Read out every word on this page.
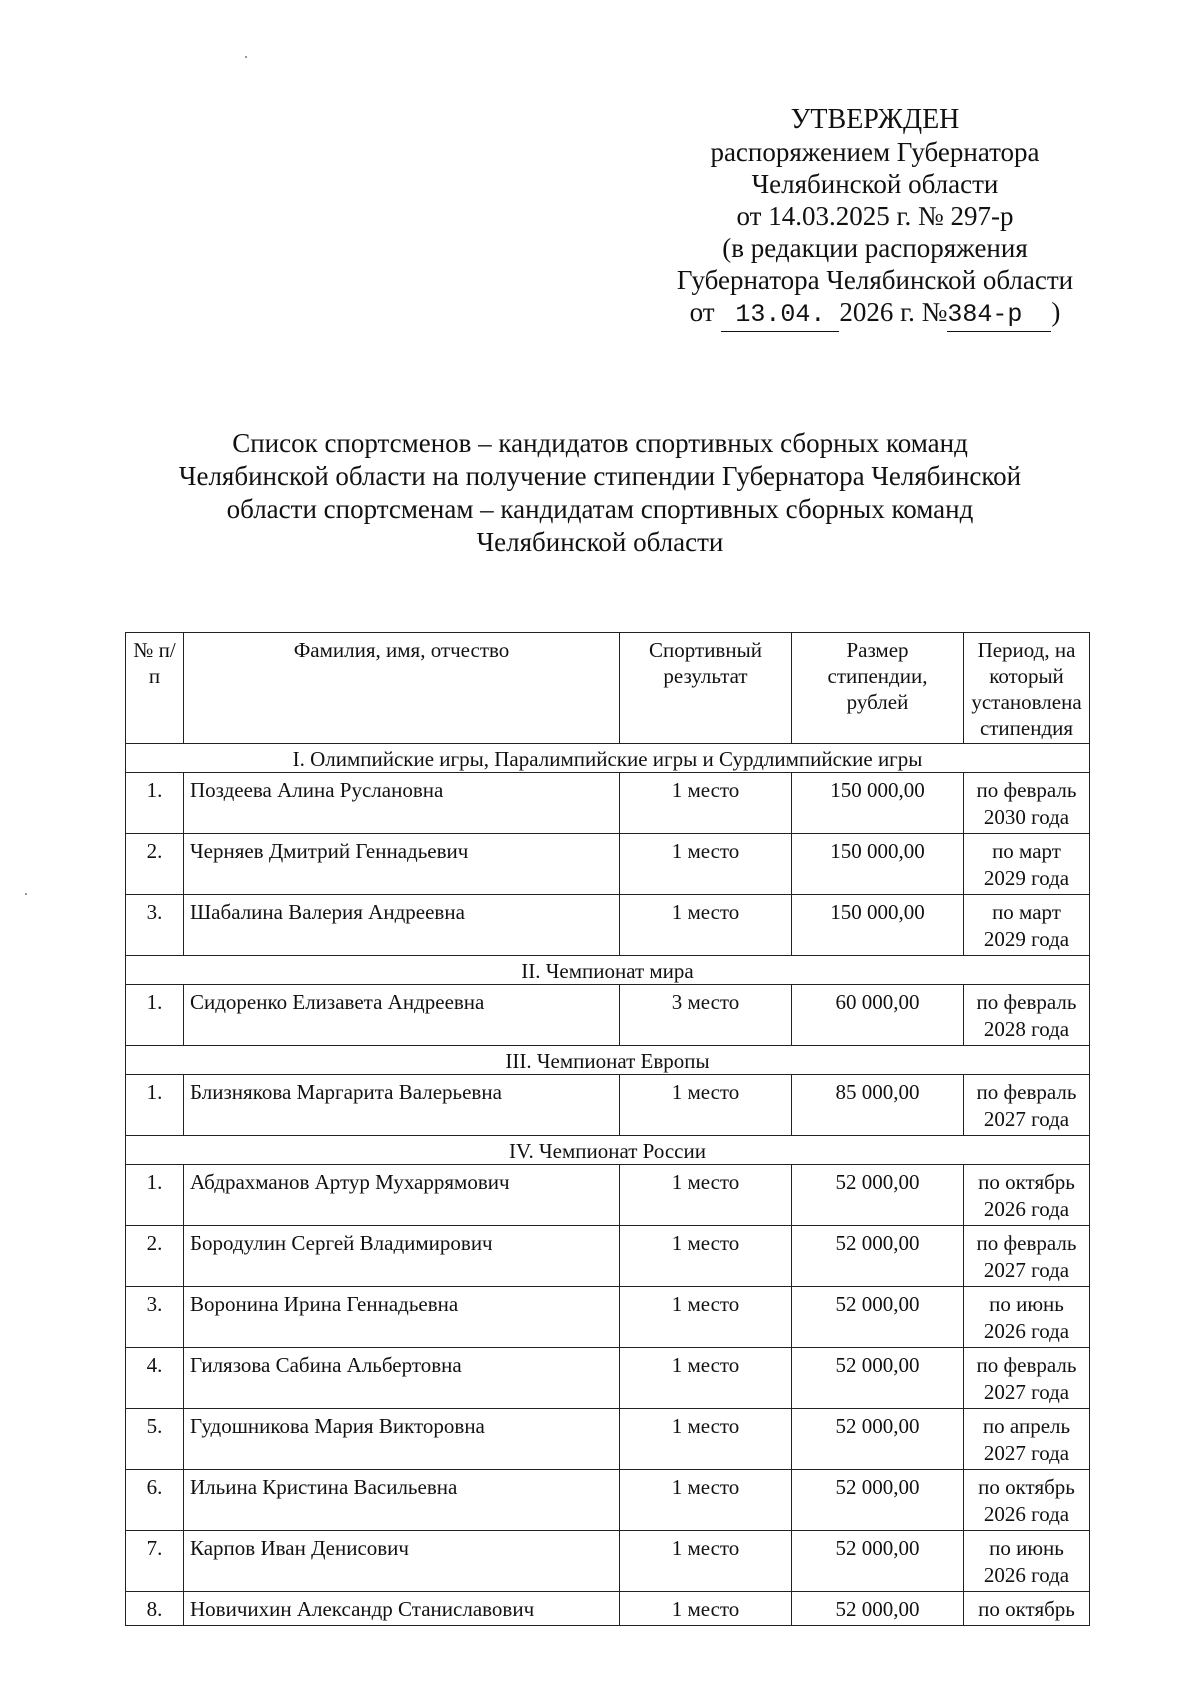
УТВЕРЖДЕН
распоряжением Губернатора
Челябинской области
от 14.03.2025 г. № 297-р
(в редакции распоряжения
Губернатора Челябинской области
от 13.04. 2026 г. №384-р )
Список спортсменов – кандидатов спортивных сборных команд
Челябинской области на получение стипендии Губернатора Челябинской
области спортсменам – кандидатам спортивных сборных команд
Челябинской области
№ п/п	Фамилия, имя, отчество	Спортивный результат	Размер стипендии, рублей	Период, на который установлена стипендия
I. Олимпийские игры, Паралимпийские игры и Сурдлимпийские игры				
1.	Поздеева Алина Руслановна	1 место	150 000,00	по февраль 2030 года
2.	Черняев Дмитрий Геннадьевич	1 место	150 000,00	по март 2029 года
3.	Шабалина Валерия Андреевна	1 место	150 000,00	по март 2029 года
II. Чемпионат мира				
1.	Сидоренко Елизавета Андреевна	3 место	60 000,00	по февраль 2028 года
III. Чемпионат Европы				
1.	Близнякова Маргарита Валерьевна	1 место	85 000,00	по февраль 2027 года
IV. Чемпионат России				
1.	Абдрахманов Артур Мухаррямович	1 место	52 000,00	по октябрь 2026 года
2.	Бородулин Сергей Владимирович	1 место	52 000,00	по февраль 2027 года
3.	Воронина Ирина Геннадьевна	1 место	52 000,00	по июнь 2026 года
4.	Гилязова Сабина Альбертовна	1 место	52 000,00	по февраль 2027 года
5.	Гудошникова Мария Викторовна	1 место	52 000,00	по апрель 2027 года
6.	Ильина Кристина Васильевна	1 место	52 000,00	по октябрь 2026 года
7.	Карпов Иван Денисович	1 место	52 000,00	по июнь 2026 года
8.	Новичихин Александр Станиславович	1 место	52 000,00	по октябрь
